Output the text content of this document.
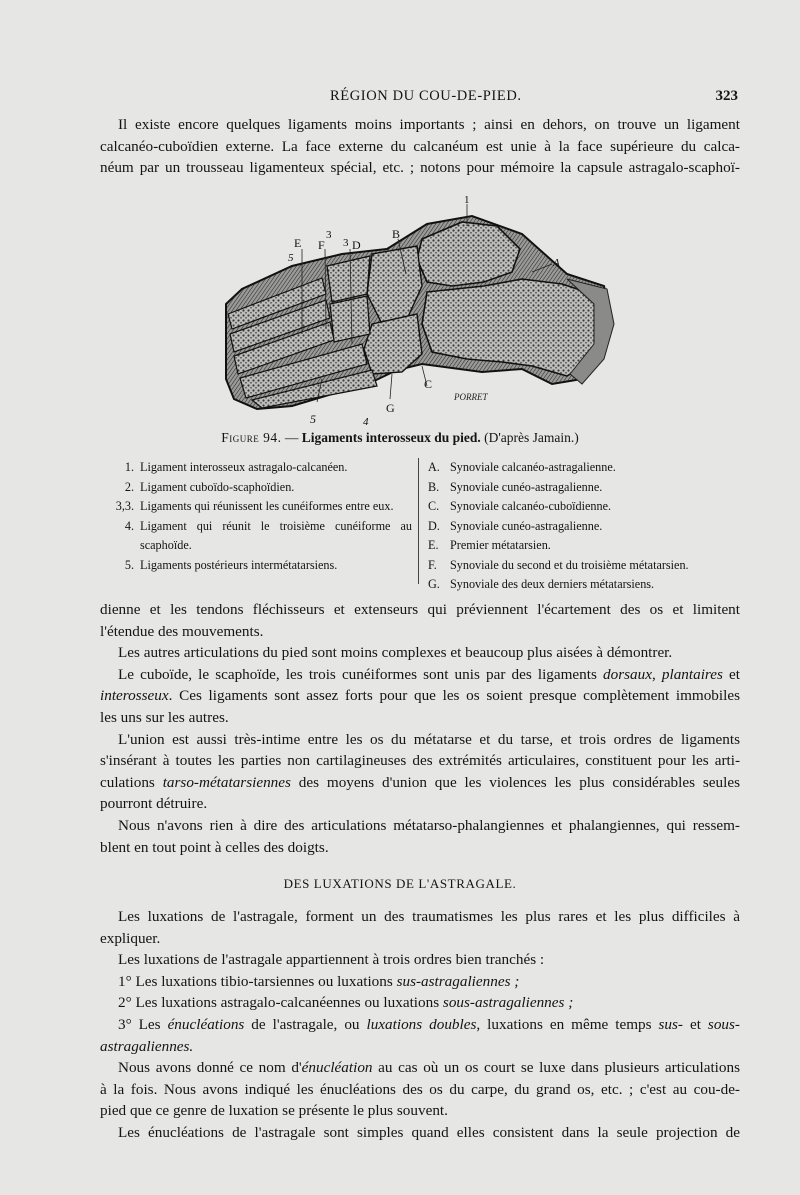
RÉGION DU COU-DE-PIED.	323
Il existe encore quelques ligaments moins importants ; ainsi en dehors, on trouve un ligament
calcanéo-cuboïdien externe. La face externe du calcanéum est unie à la face supérieure du calca-
néum par un trousseau ligamenteux spécial, etc. ; notons pour mémoire la capsule astragalo-scaphoï-
1
E F
3
3 D
B
A
5
C
G
5	4
PORRET
Figure 94. — Ligaments interosseux du pied. (D'après Jamain.)
1. Ligament interosseux astragalo-calcanéen.
2. Ligament cuboïdo-scaphoïdien.
3,3. Ligaments qui réunissent les cunéiformes entre eux.
4. Ligament qui réunit le troisième cunéiforme au scaphoïde.
5. Ligaments postérieurs intermétatarsiens.
A. Synoviale calcanéo-astragalienne.
B. Synoviale cunéo-astragalienne.
C. Synoviale calcanéo-cuboïdienne.
D. Synoviale cunéo-astragalienne.
E. Premier métatarsien.
F.	Synoviale du second et du troisième métatarsien.
G. Synoviale des deux derniers métatarsiens.
dienne et les tendons fléchisseurs et extenseurs qui préviennent l'écartement des os et limitent
l'étendue des mouvements.
Les autres articulations du pied sont moins complexes et beaucoup plus aisées à démontrer.
Le cuboïde, le scaphoïde, les trois cunéiformes sont unis par des ligaments dorsaux, plantaires et
interosseux. Ces ligaments sont assez forts pour que les os soient presque complètement immobiles
les uns sur les autres.
L'union est aussi très-intime entre les os du métatarse et du tarse, et trois ordres de ligaments
s'insérant à toutes les parties non cartilagineuses des extrémités articulaires, constituent pour les arti-
culations tarso-métatarsiennes des moyens d'union que les violences les plus considérables seules
pourront détruire.
Nous n'avons rien à dire des articulations métatarso-phalangiennes et phalangiennes, qui ressem-
blent en tout point à celles des doigts.
DES LUXATIONS DE L'ASTRAGALE.
Les luxations de l'astragale, forment un des traumatismes les plus rares et les plus difficiles à
expliquer.
Les luxations de l'astragale appartiennent à trois ordres bien tranchés :
1° Les luxations tibio-tarsiennes ou luxations sus-astragaliennes ;
2° Les luxations astragalo-calcanéennes ou luxations sous-astragaliennes ;
3° Les énucléations de l'astragale, ou luxations doubles, luxations en même temps sus- et sous-
astragaliennes.
Nous avons donné ce nom d'énucléation au cas où un os court se luxe dans plusieurs articulations
à la fois. Nous avons indiqué les énucléations des os du carpe, du grand os, etc. ; c'est au cou-de-
pied que ce genre de luxation se présente le plus souvent.
Les énucléations de l'astragale sont simples quand elles consistent dans la seule projection de
